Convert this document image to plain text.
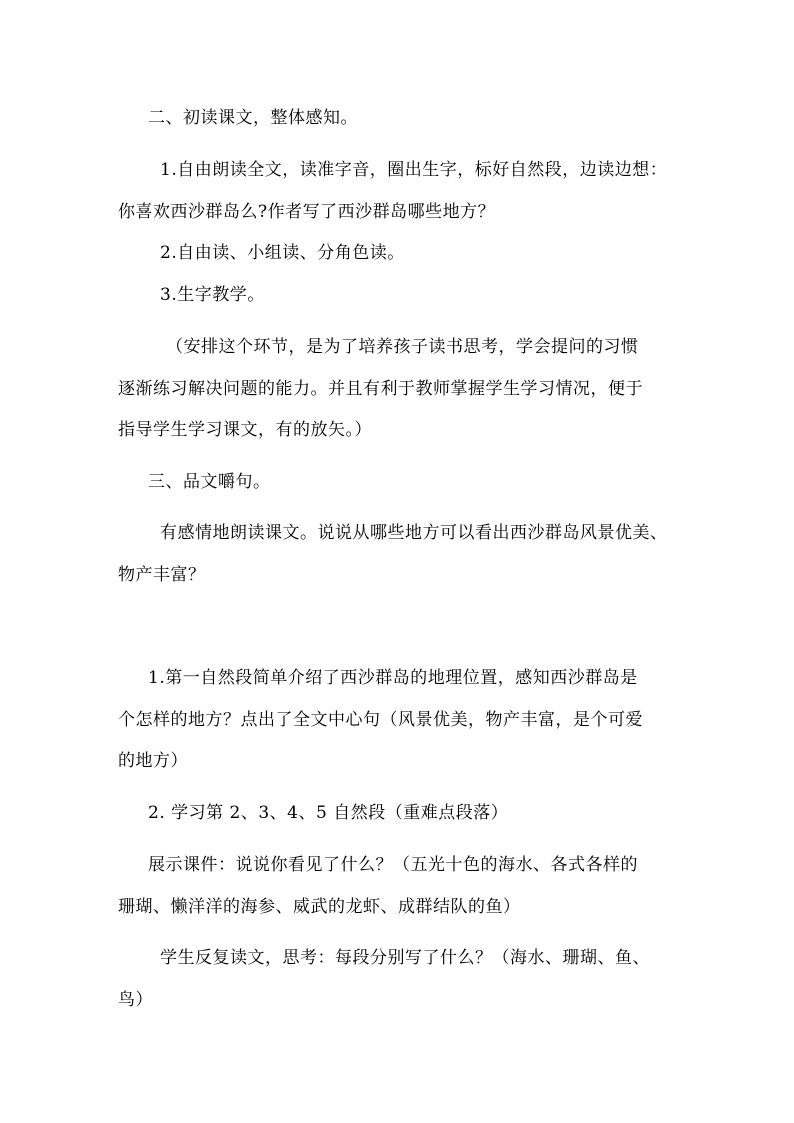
二、初读课文，整体感知。
1.自由朗读全文，读准字音，圈出生字，标好自然段，边读边想：
你喜欢西沙群岛么?作者写了西沙群岛哪些地方？
2.自由读、小组读、分角色读。
3.生字教学。
（安排这个环节，是为了培养孩子读书思考，学会提问的习惯
逐渐练习解决问题的能力。并且有利于教师掌握学生学习情况，便于
指导学生学习课文，有的放矢。）
三、品文嚼句。
有感情地朗读课文。说说从哪些地方可以看出西沙群岛风景优美、
物产丰富？
1.第一自然段简单介绍了西沙群岛的地理位置，感知西沙群岛是
个怎样的地方？点出了全文中心句（风景优美，物产丰富，是个可爱
的地方）
2. 学习第 2、3、4、5 自然段（重难点段落）
展示课件：说说你看见了什么？（五光十色的海水、各式各样的
珊瑚、懒洋洋的海参、威武的龙虾、成群结队的鱼）
学生反复读文，思考：每段分别写了什么？（海水、珊瑚、鱼、
鸟）
